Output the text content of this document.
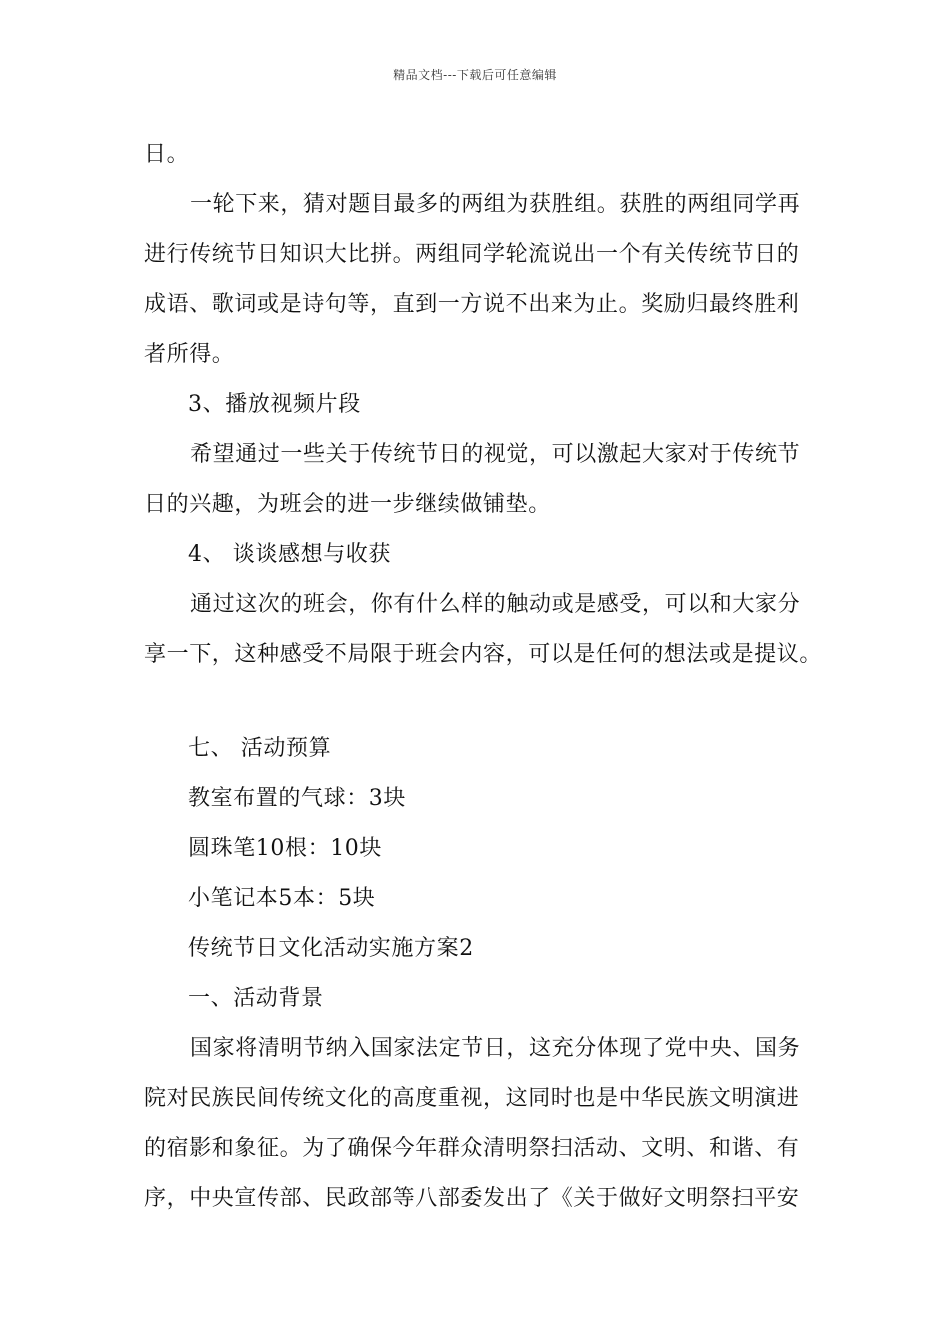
精品文档---下载后可任意编辑

日。

一轮下来，猜对题目最多的两组为获胜组。获胜的两组同学再

进行传统节日知识大比拼。两组同学轮流说出一个有关传统节日的

成语、歌词或是诗句等，直到一方说不出来为止。奖励归最终胜利

者所得。

3、播放视频片段

希望通过一些关于传统节日的视觉，可以激起大家对于传统节

日的兴趣，为班会的进一步继续做铺垫。

4、 谈谈感想与收获

通过这次的班会，你有什么样的触动或是感受，可以和大家分

享一下，这种感受不局限于班会内容，可以是任何的想法或是提议。

七、 活动预算

教室布置的气球：3块

圆珠笔10根：10块

小笔记本5本：5块

传统节日文化活动实施方案2

一、活动背景

国家将清明节纳入国家法定节日，这充分体现了党中央、国务

院对民族民间传统文化的高度重视，这同时也是中华民族文明演进

的宿影和象征。为了确保今年群众清明祭扫活动、文明、和谐、有

序，中央宣传部、民政部等八部委发出了《关于做好文明祭扫平安
